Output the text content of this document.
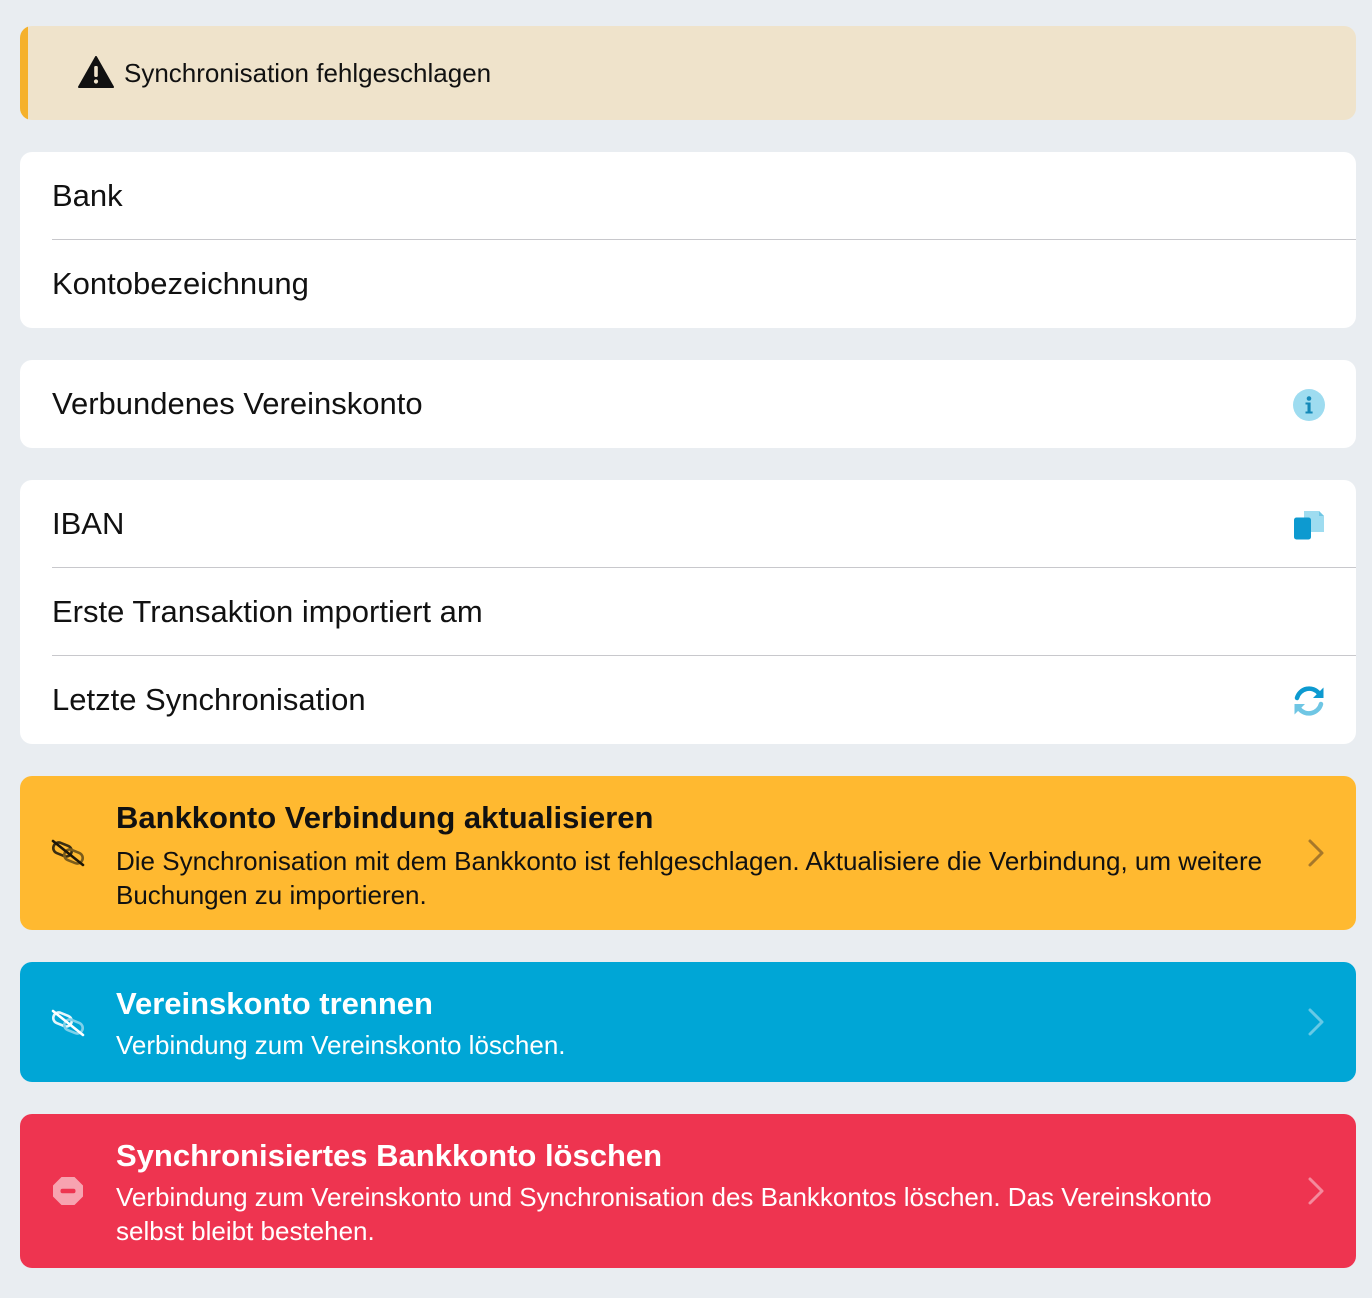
Synchronisation fehlgeschlagen
Bank
Kontobezeichnung
Verbundenes Vereinskonto
IBAN
Erste Transaktion importiert am
Letzte Synchronisation
Bankkonto Verbindung aktualisieren
Die Synchronisation mit dem Bankkonto ist fehlgeschlagen. Aktualisiere die Verbindung, um weitere Buchungen zu importieren.
Vereinskonto trennen
Verbindung zum Vereinskonto löschen.
Synchronisiertes Bankkonto löschen
Verbindung zum Vereinskonto und Synchronisation des Bankkontos löschen. Das Vereinskonto selbst bleibt bestehen.
